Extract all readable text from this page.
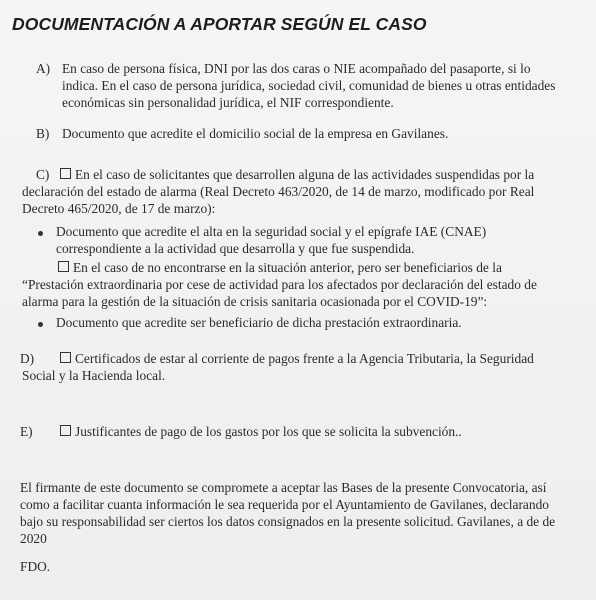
DOCUMENTACIÓN A APORTAR SEGÚN EL CASO
A) En caso de persona física, DNI por las dos caras o NIE acompañado del pasaporte, si lo
indica. En el caso de persona jurídica, sociedad civil, comunidad de bienes u otras entidades
económicas sin personalidad jurídica, el NIF correspondiente.
B) Documento que acredite el domicilio social de la empresa en Gavilanes.
C)	En el caso de solicitantes que desarrollen alguna de las actividades suspendidas por la
declaración del estado de alarma (Real Decreto 463/2020, de 14 de marzo, modificado por Real
Decreto 465/2020, de 17 de marzo):
Documento que acredite el alta en la seguridad social y el epígrafe IAE (CNAE)
correspondiente a la actividad que desarrolla y que fue suspendida.
En el caso de no encontrarse en la situación anterior, pero ser beneficiarios de la
“Prestación extraordinaria por cese de actividad para los afectados por declaración del estado de
alarma para la gestión de la situación de crisis sanitaria ocasionada por el COVID-19”:
Documento que acredite ser beneficiario de dicha prestación extraordinaria.
D)	Certificados de estar al corriente de pagos frente a la Agencia Tributaria, la Seguridad
Social y la Hacienda local.
E)	Justificantes de pago de los gastos por los que se solicita la subvención..
El firmante de este documento se compromete a aceptar las Bases de la presente Convocatoria, así
como a facilitar cuanta información le sea requerida por el Ayuntamiento de Gavilanes, declarando
bajo su responsabilidad ser ciertos los datos consignados en la presente solicitud. Gavilanes, a de de
2020
FDO.
